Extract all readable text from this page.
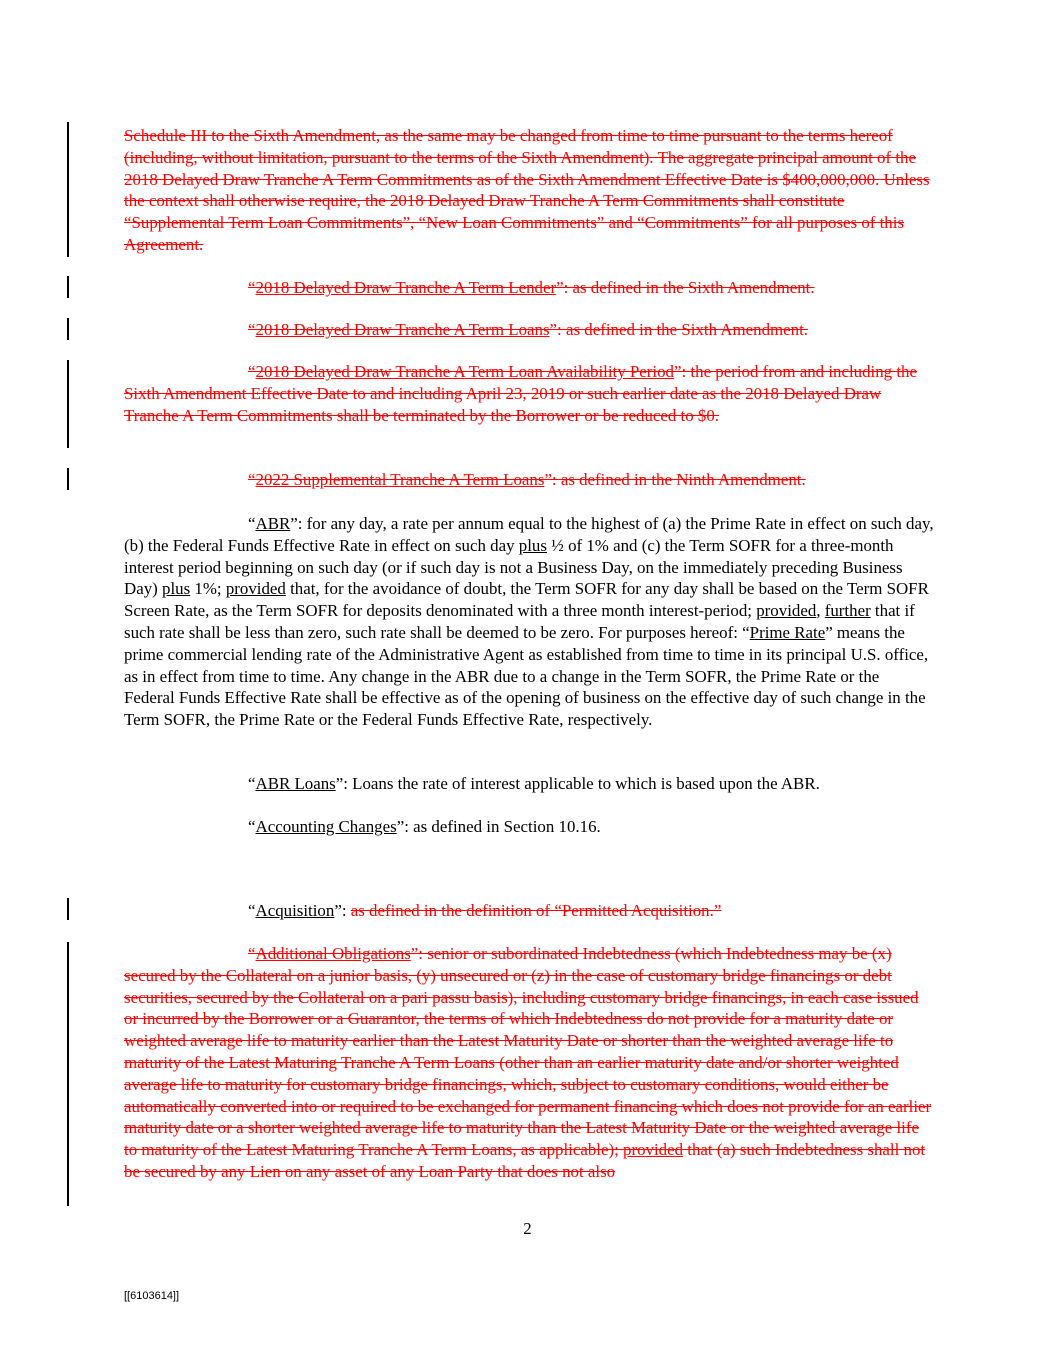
Schedule III to the Sixth Amendment, as the same may be changed from time to time pursuant to the terms hereof (including, without limitation, pursuant to the terms of the Sixth Amendment). The aggregate principal amount of the 2018 Delayed Draw Tranche A Term Commitments as of the Sixth Amendment Effective Date is $400,000,000. Unless the context shall otherwise require, the 2018 Delayed Draw Tranche A Term Commitments shall constitute “Supplemental Term Loan Commitments”, “New Loan Commitments” and “Commitments” for all purposes of this Agreement.

“2018 Delayed Draw Tranche A Term Lender”: as defined in the Sixth Amendment.

“2018 Delayed Draw Tranche A Term Loans”: as defined in the Sixth Amendment.

“2018 Delayed Draw Tranche A Term Loan Availability Period”: the period from and including the Sixth Amendment Effective Date to and including April 23, 2019 or such earlier date as the 2018 Delayed Draw Tranche A Term Commitments shall be terminated by the Borrower or be reduced to $0.

“2022 Supplemental Tranche A Term Loans”: as defined in the Ninth Amendment.

“ABR”: for any day, a rate per annum equal to the highest of (a) the Prime Rate in effect on such day, (b) the Federal Funds Effective Rate in effect on such day plus ½ of 1% and (c) the Term SOFR for a three-month interest period beginning on such day (or if such day is not a Business Day, on the immediately preceding Business Day) plus 1%; provided that, for the avoidance of doubt, the Term SOFR for any day shall be based on the Term SOFR Screen Rate, as the Term SOFR for deposits denominated with a three month interest-period; provided, further that if such rate shall be less than zero, such rate shall be deemed to be zero. For purposes hereof: “Prime Rate” means the prime commercial lending rate of the Administrative Agent as established from time to time in its principal U.S. office, as in effect from time to time. Any change in the ABR due to a change in the Term SOFR, the Prime Rate or the Federal Funds Effective Rate shall be effective as of the opening of business on the effective day of such change in the Term SOFR, the Prime Rate or the Federal Funds Effective Rate, respectively.

“ABR Loans”: Loans the rate of interest applicable to which is based upon the ABR.

“Accounting Changes”: as defined in Section 10.16.

“Acquisition”: as defined in the definition of “Permitted Acquisition.”

“Additional Obligations”: senior or subordinated Indebtedness (which Indebtedness may be (x) secured by the Collateral on a junior basis, (y) unsecured or (z) in the case of customary bridge financings or debt securities, secured by the Collateral on a pari passu basis), including customary bridge financings, in each case issued or incurred by the Borrower or a Guarantor, the terms of which Indebtedness do not provide for a maturity date or weighted average life to maturity earlier than the Latest Maturity Date or shorter than the weighted average life to maturity of the Latest Maturing Tranche A Term Loans (other than an earlier maturity date and/or shorter weighted average life to maturity for customary bridge financings, which, subject to customary conditions, would either be automatically converted into or required to be exchanged for permanent financing which does not provide for an earlier maturity date or a shorter weighted average life to maturity than the Latest Maturity Date or the weighted average life to maturity of the Latest Maturing Tranche A Term Loans, as applicable); provided that (a) such Indebtedness shall not be secured by any Lien on any asset of any Loan Party that does not also

2
[[6103614]]
